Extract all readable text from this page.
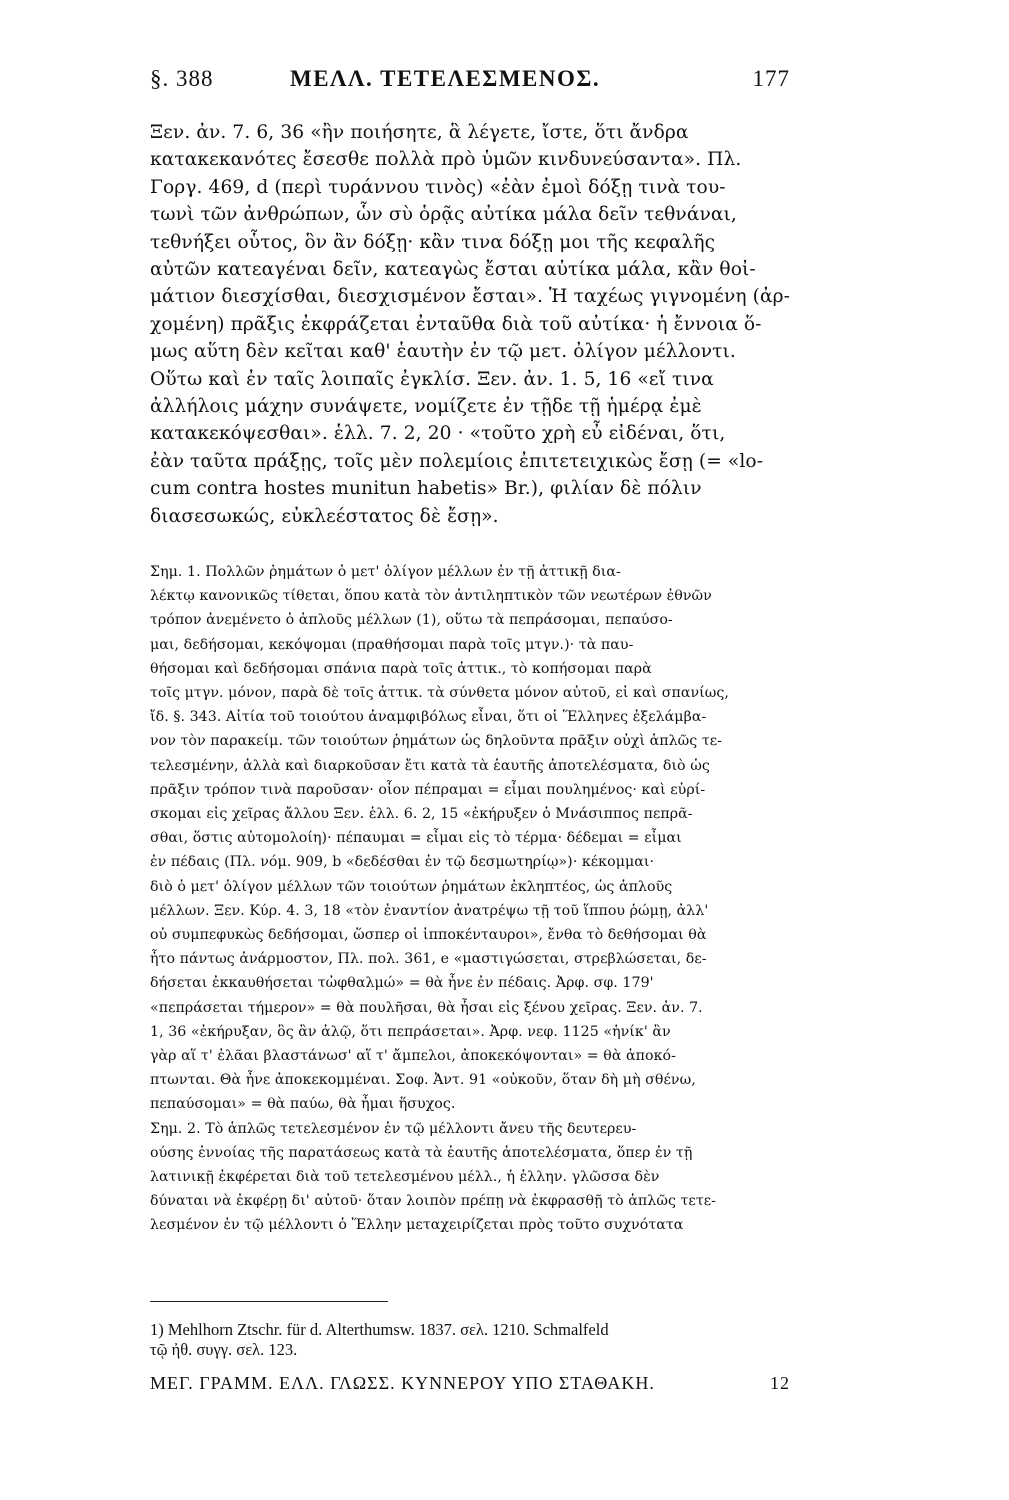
§. 388	ΜΕΛΛ. ΤΕΤΕΛΕΣΜΕΝΟΣ.	177
Ξεν. ἀν. 7. 6, 36 «ἢν ποιήσητε, ἃ λέγετε, ἴστε, ὅτι ἄνδρα
κατακεκανότες ἔσεσθε πολλὰ πρὸ ὑμῶν κινδυνεύσαντα». Πλ.
Γοργ. 469, d (περὶ τυράννου τινὸς) «ἐὰν ἐμοὶ δόξῃ τινὰ του-
τωνὶ τῶν ἀνθρώπων, ὧν σὺ ὁρᾷς αὐτίκα μάλα δεῖν τεθνάναι,
τεθνήξει οὗτος, ὃν ἂν δόξῃ· κἂν τινα δόξῃ μοι τῆς κεφαλῆς
αὐτῶν κατεαγέναι δεῖν, κατεαγὼς ἔσται αὐτίκα μάλα, κἂν θοἰ-
μάτιον διεσχίσθαι, διεσχισμένον ἔσται». Ἡ ταχέως γιγνομένη (ἀρ-
χομένη) πρᾶξις ἐκφράζεται ἐνταῦθα διὰ τοῦ αὐτίκα· ἡ ἔννοια ὅ-
μως αὕτη δὲν κεῖται καθ' ἑαυτὴν ἐν τῷ μετ. ὀλίγον μέλλοντι.
Οὕτω καὶ ἐν ταῖς λοιπαῖς ἐγκλίσ. Ξεν. ἀν. 1. 5, 16 «εἴ τινα
ἀλλήλοις μάχην συνάψετε, νομίζετε ἐν τῇδε τῇ ἡμέρᾳ ἐμὲ
κατακεκόψεσθαι». ἑλλ. 7. 2, 20 · «τοῦτο χρὴ εὖ εἰδέναι, ὅτι,
ἐὰν ταῦτα πράξῃς, τοῖς μὲν πολεμίοις ἐπιτετειχικὼς ἔσῃ (= «lo-
cum contra hostes munitun habetis» Br.), φιλίαν δὲ πόλιν
διασεσωκώς, εὐκλεέστατος δὲ ἔσῃ».
Σημ. 1. Πολλῶν ῥημάτων ὁ μετ' ὀλίγον μέλλων ἐν τῇ ἀττικῇ δια-
λέκτῳ κανονικῶς τίθεται, ὅπου κατὰ τὸν ἀντιληπτικὸν τῶν νεωτέρων ἐθνῶν
τρόπον ἀνεμένετο ὁ ἁπλοῦς μέλλων (1), οὕτω τὰ πεπράσομαι, πεπαύσο-
μαι, δεδήσομαι, κεκόψομαι (πραθήσομαι παρὰ τοῖς μτγν.)· τὰ παυ-
θήσομαι καὶ δεδήσομαι σπάνια παρὰ τοῖς ἀττικ., τὸ κοπήσομαι παρὰ
τοῖς μτγν. μόνον, παρὰ δὲ τοῖς ἀττικ. τὰ σύνθετα μόνον αὐτοῦ, εἰ καὶ σπανίως,
ἴδ. §. 343. Αἰτία τοῦ τοιούτου ἀναμφιβόλως εἶναι, ὅτι οἱ Ἕλληνες ἐξελάμβα-
νον τὸν παρακείμ. τῶν τοιούτων ῥημάτων ὡς δηλοῦντα πρᾶξιν οὐχὶ ἁπλῶς τε-
τελεσμένην, ἀλλὰ καὶ διαρκοῦσαν ἔτι κατὰ τὰ ἑαυτῆς ἀποτελέσματα, διὸ ὡς
πρᾶξιν τρόπον τινὰ παροῦσαν· οἷον πέπραμαι = εἶμαι πουλημένος· καὶ εὑρί-
σκομαι εἰς χεῖρας ἄλλου Ξεν. ἑλλ. 6. 2, 15 «ἐκήρυξεν ὁ Μνάσιππος πεπρᾶ-
σθαι, ὅστις αὐτομολοίη)· πέπαυμαι = εἶμαι εἰς τὸ τέρμα· δέδεμαι = εἶμαι
ἐν πέδαις (Πλ. νόμ. 909, b «δεδέσθαι ἐν τῷ δεσμωτηρίῳ»)· κέκομμαι·
διὸ ὁ μετ' ὀλίγον μέλλων τῶν τοιούτων ῥημάτων ἐκληπτέος, ὡς ἁπλοῦς
μέλλων. Ξεν. Κύρ. 4. 3, 18 «τὸν ἐναντίον ἀνατρέψω τῇ τοῦ ἵππου ῥώμῃ, ἀλλ'
οὐ συμπεφυκὼς δεδήσομαι, ὥσπερ οἱ ἱπποκένταυροι», ἔνθα τὸ δεθήσομαι θὰ
ἦτο πάντως ἀνάρμοστον, Πλ. πολ. 361, e «μαστιγώσεται, στρεβλώσεται, δε-
δήσεται ἐκκαυθήσεται τὠφθαλμώ» = θὰ ἦνε ἐν πέδαις. Ἀρφ. σφ. 179'
«πεπράσεται τήμερον» = θὰ πουλῆσαι, θὰ ἦσαι εἰς ξένου χεῖρας. Ξεν. ἀν. 7.
1, 36 «ἐκήρυξαν, ὃς ἂν ἁλῷ, ὅτι πεπράσεται». Ἀρφ. νεφ. 1125 «ἡνίκ' ἂν
γὰρ αἵ τ' ἐλᾶαι βλαστάνωσ' αἵ τ' ἄμπελοι, ἀποκεκόψονται» = θὰ ἀποκό-
πτωνται. Θὰ ἦνε ἀποκεκομμέναι. Σοφ. Ἀντ. 91 «οὐκοῦν, ὅταν δὴ μὴ σθένω,
πεπαύσομαι» = θὰ παύω, θὰ ἦμαι ἥσυχος.
Σημ. 2. Τὸ ἁπλῶς τετελεσμένον ἐν τῷ μέλλοντι ἄνευ τῆς δευτερευ-
ούσης ἐννοίας τῆς παρατάσεως κατὰ τὰ ἑαυτῆς ἀποτελέσματα, ὅπερ ἐν τῇ
λατινικῇ ἐκφέρεται διὰ τοῦ τετελεσμένου μέλλ., ἡ ἑλλην. γλῶσσα δὲν
δύναται νὰ ἐκφέρῃ δι' αὐτοῦ· ὅταν λοιπὸν πρέπῃ νὰ ἐκφρασθῇ τὸ ἁπλῶς τετε-
λεσμένον ἐν τῷ μέλλοντι ὁ Ἕλλην μεταχειρίζεται πρὸς τοῦτο συχνότατα
1) Mehlhorn Ztschr. für d. Alterthumsw. 1837. σελ. 1210. Schmalfeld
τῷ ἠθ. συγγ. σελ. 123.
ΜΕΓ. ΓΡΑΜΜ. ΕΛΛ. ΓΛΩΣΣ. ΚΥΝΝΕΡΟΥ ΥΠΟ ΣΤΑΘΑΚΗ.	12
